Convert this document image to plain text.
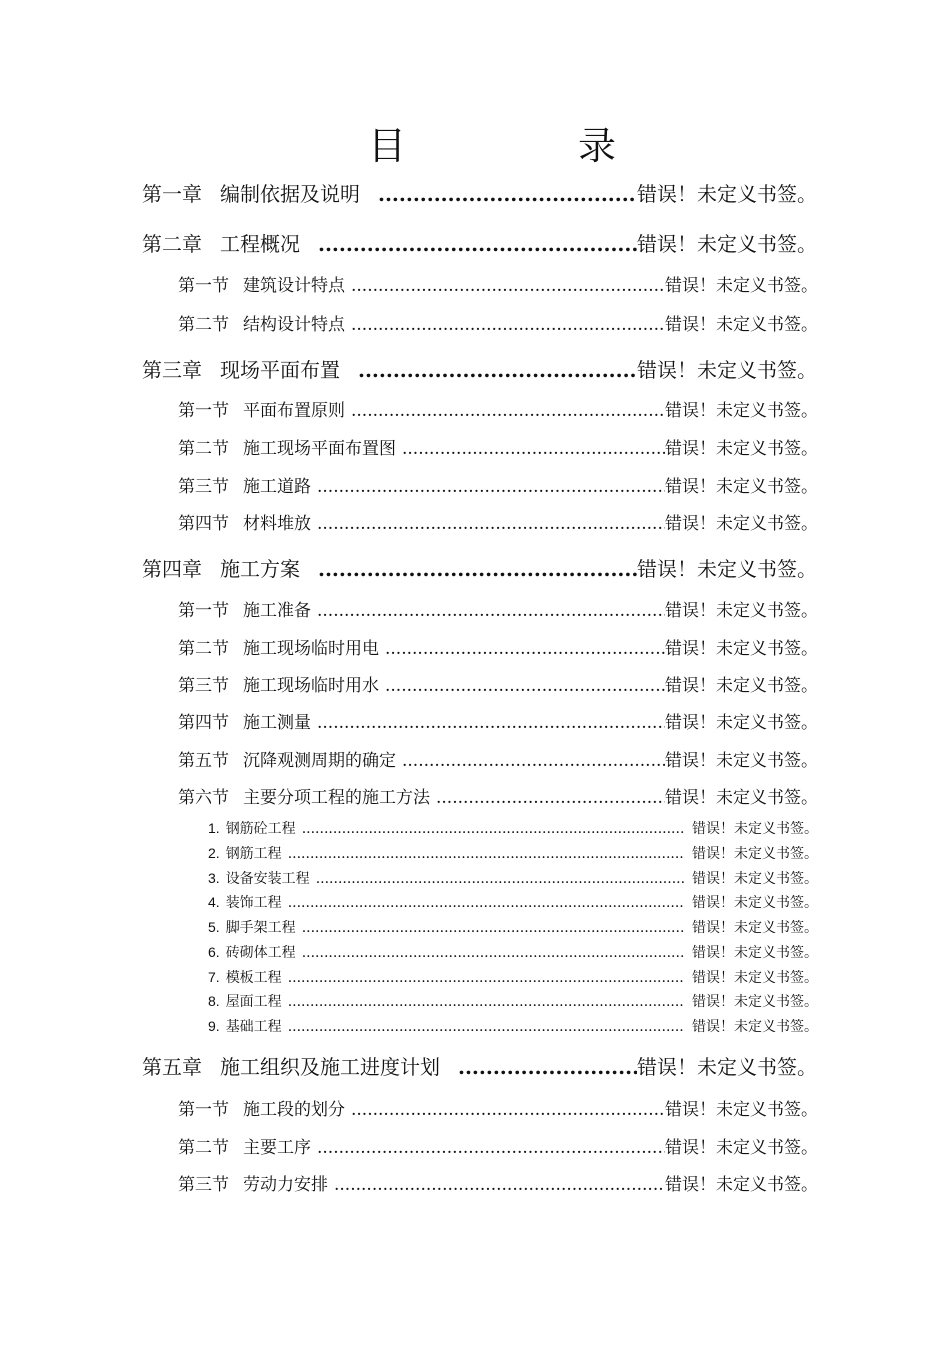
目	录
第一章 编制依据及说明 .....	错误！未定义书签。
第二章 工程概况 .....	错误！未定义书签。
第一节 建筑设计特点 .....	错误！未定义书签。
第二节 结构设计特点 .....	错误！未定义书签。
第三章 现场平面布置 .....	错误！未定义书签。
第一节 平面布置原则 .....	错误！未定义书签。
第二节 施工现场平面布置图 .....	错误！未定义书签。
第三节 施工道路 .....	错误！未定义书签。
第四节 材料堆放 .....	错误！未定义书签。
第四章 施工方案 .....	错误！未定义书签。
第一节 施工准备 .....	错误！未定义书签。
第二节 施工现场临时用电 .....	错误！未定义书签。
第三节 施工现场临时用水 .....	错误！未定义书签。
第四节 施工测量 .....	错误！未定义书签。
第五节 沉降观测周期的确定 .....	错误！未定义书签。
第六节 主要分项工程的施工方法 .....	错误！未定义书签。
1. 钢筋砼工程 .....	错误！未定义书签。
2. 钢筋工程 .....	错误！未定义书签。
3. 设备安装工程 .....	错误！未定义书签。
4. 装饰工程 .....	错误！未定义书签。
5. 脚手架工程 .....	错误！未定义书签。
6. 砖砌体工程 .....	错误！未定义书签。
7. 模板工程 .....	错误！未定义书签。
8. 屋面工程 .....	错误！未定义书签。
9. 基础工程 .....	错误！未定义书签。
第五章 施工组织及施工进度计划 .....	错误！未定义书签。
第一节 施工段的划分 .....	错误！未定义书签。
第二节 主要工序 .....	错误！未定义书签。
第三节 劳动力安排 .....	错误！未定义书签。
